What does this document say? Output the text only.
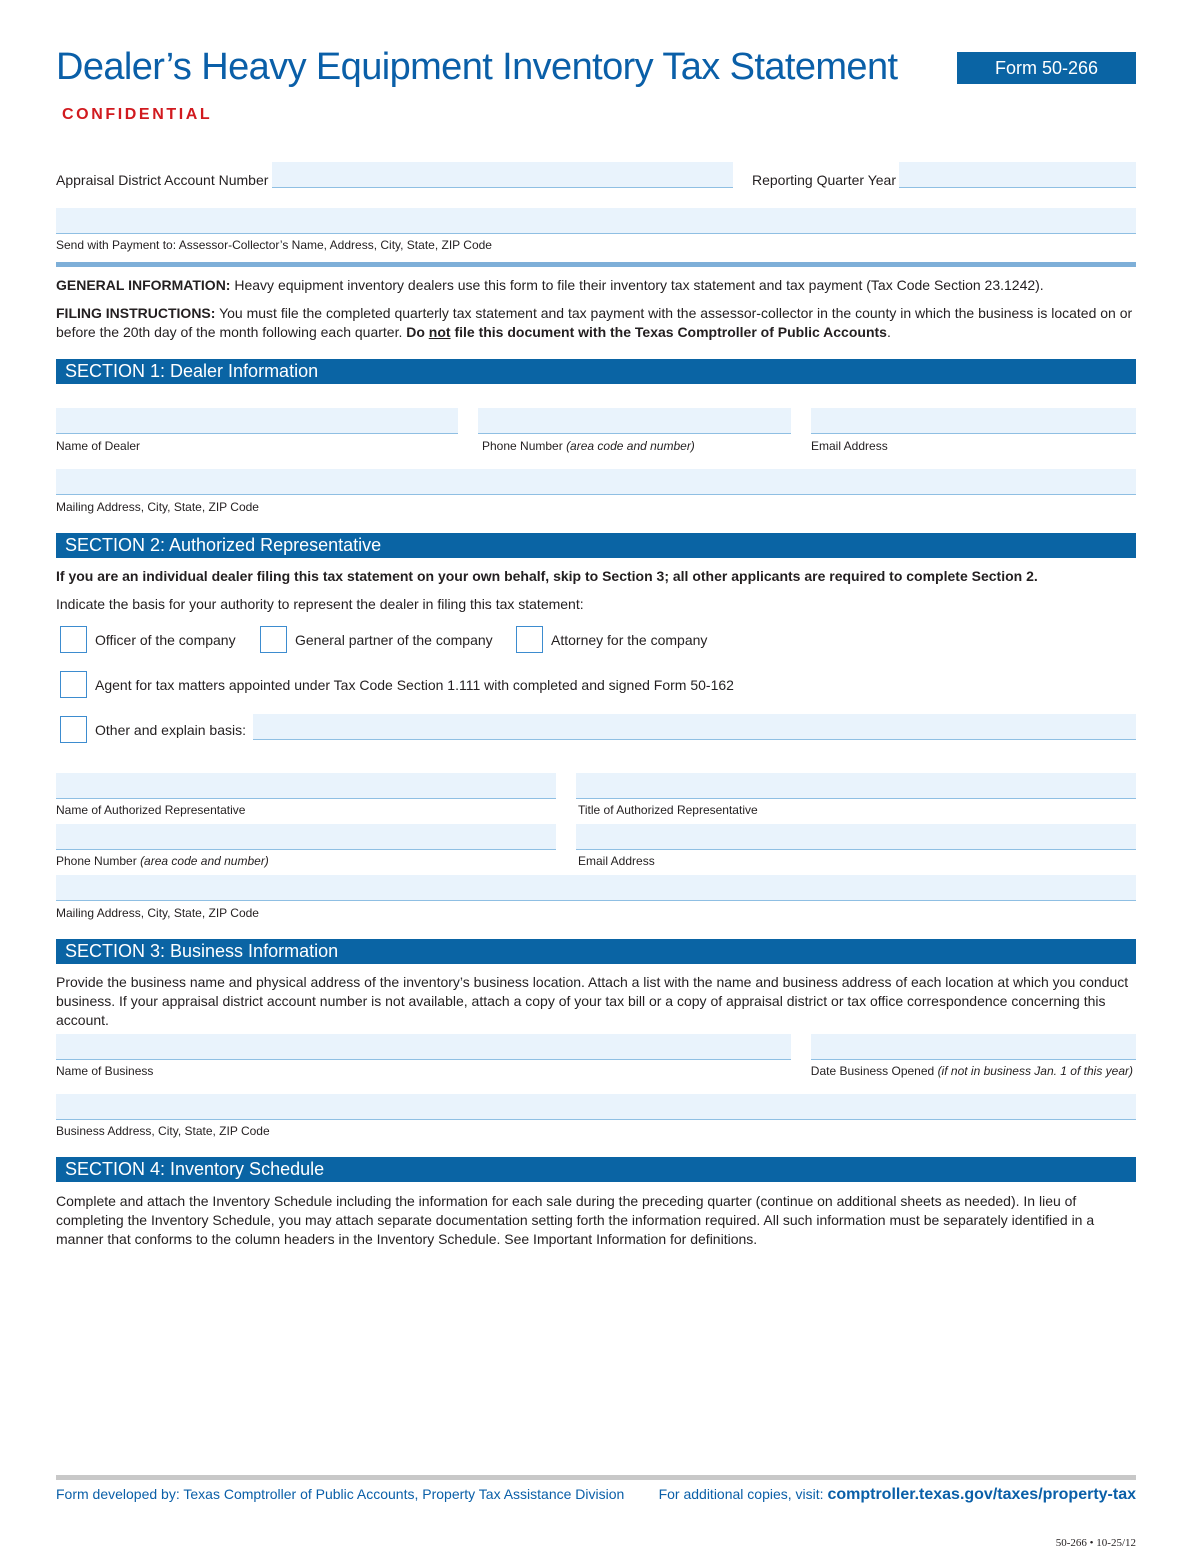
Dealer’s Heavy Equipment Inventory Tax Statement	Form 50-266
CONFIDENTIAL
Appraisal District Account Number	Reporting Quarter Year
Send with Payment to: Assessor-Collector’s Name, Address, City, State, ZIP Code
GENERAL INFORMATION: Heavy equipment inventory dealers use this form to file their inventory tax statement and tax payment (Tax Code Section 23.1242).
FILING INSTRUCTIONS: You must file the completed quarterly tax statement and tax payment with the assessor-collector in the county in which the business is located on or before the 20th day of the month following each quarter. Do not file this document with the Texas Comptroller of Public Accounts.
SECTION 1: Dealer Information
Name of Dealer	Phone Number (area code and number)	Email Address
Mailing Address, City, State, ZIP Code
SECTION 2: Authorized Representative
If you are an individual dealer filing this tax statement on your own behalf, skip to Section 3; all other applicants are required to complete Section 2.
Indicate the basis for your authority to represent the dealer in filing this tax statement:
Officer of the company	General partner of the company	Attorney for the company
Agent for tax matters appointed under Tax Code Section 1.111 with completed and signed Form 50-162
Other and explain basis:
Name of Authorized Representative	Title of Authorized Representative
Phone Number (area code and number)	Email Address
Mailing Address, City, State, ZIP Code
SECTION 3: Business Information
Provide the business name and physical address of the inventory’s business location. Attach a list with the name and business address of each location at which you conduct business. If your appraisal district account number is not available, attach a copy of your tax bill or a copy of appraisal district or tax office correspondence concerning this account.
Name of Business	Date Business Opened (if not in business Jan. 1 of this year)
Business Address, City, State, ZIP Code
SECTION 4: Inventory Schedule
Complete and attach the Inventory Schedule including the information for each sale during the preceding quarter (continue on additional sheets as needed). In lieu of completing the Inventory Schedule, you may attach separate documentation setting forth the information required. All such information must be separately identified in a manner that conforms to the column headers in the Inventory Schedule. See Important Information for definitions.
Form developed by: Texas Comptroller of Public Accounts, Property Tax Assistance Division For additional copies, visit: comptroller.texas.gov/taxes/property-tax
50-266 • 10-25/12
